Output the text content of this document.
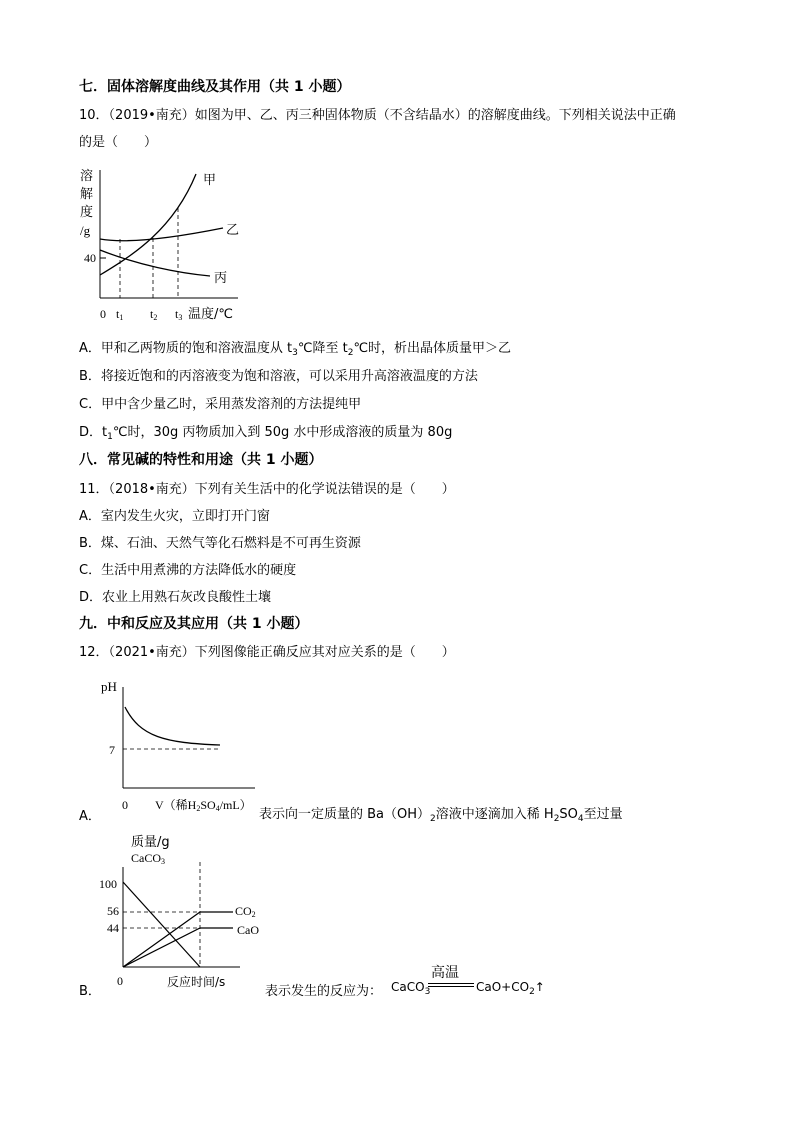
七．固体溶解度曲线及其作用（共 1 小题）
10．（2019•南充）如图为甲、乙、丙三种固体物质（不含结晶水）的溶解度曲线。下列相关说法中正确
的是（　　）
溶
解
度
/g
40
0 t1 t2 t3 温度/℃
甲
乙
丙
A．甲和乙两物质的饱和溶液温度从 $t_3℃$降至 $t_2℃$时，析出晶体质量甲＞乙
B．将接近饱和的丙溶液变为饱和溶液，可以采用升高溶液温度的方法
C．甲中含少量乙时，采用蒸发溶剂的方法提纯甲
D．$t_1℃$时，30g 丙物质加入到 50g 水中形成溶液的质量为 80g
八．常见碱的特性和用途（共 1 小题）
11．（2018•南充）下列有关生活中的化学说法错误的是（　　）
A．室内发生火灾，立即打开门窗
B．煤、石油、天然气等化石燃料是不可再生资源
C．生活中用煮沸的方法降低水的硬度
D．农业上用熟石灰改良酸性土壤
九．中和反应及其应用（共 1 小题）
12．（2021•南充）下列图像能正确反应其对应关系的是（　　）
pH
7
0 V（稀H2SO4/mL）
A．	表示向一定质量的 $Ba(OH)_2$溶液中逐滴加入稀 $H_2SO_4$至过量
质量/g
CaCO3
100
56
44
CO2
CaO
0	反应时间/s
B．	表示发生的反应为： CaCO$_3$
高温
$CaO+CO_2↑$
